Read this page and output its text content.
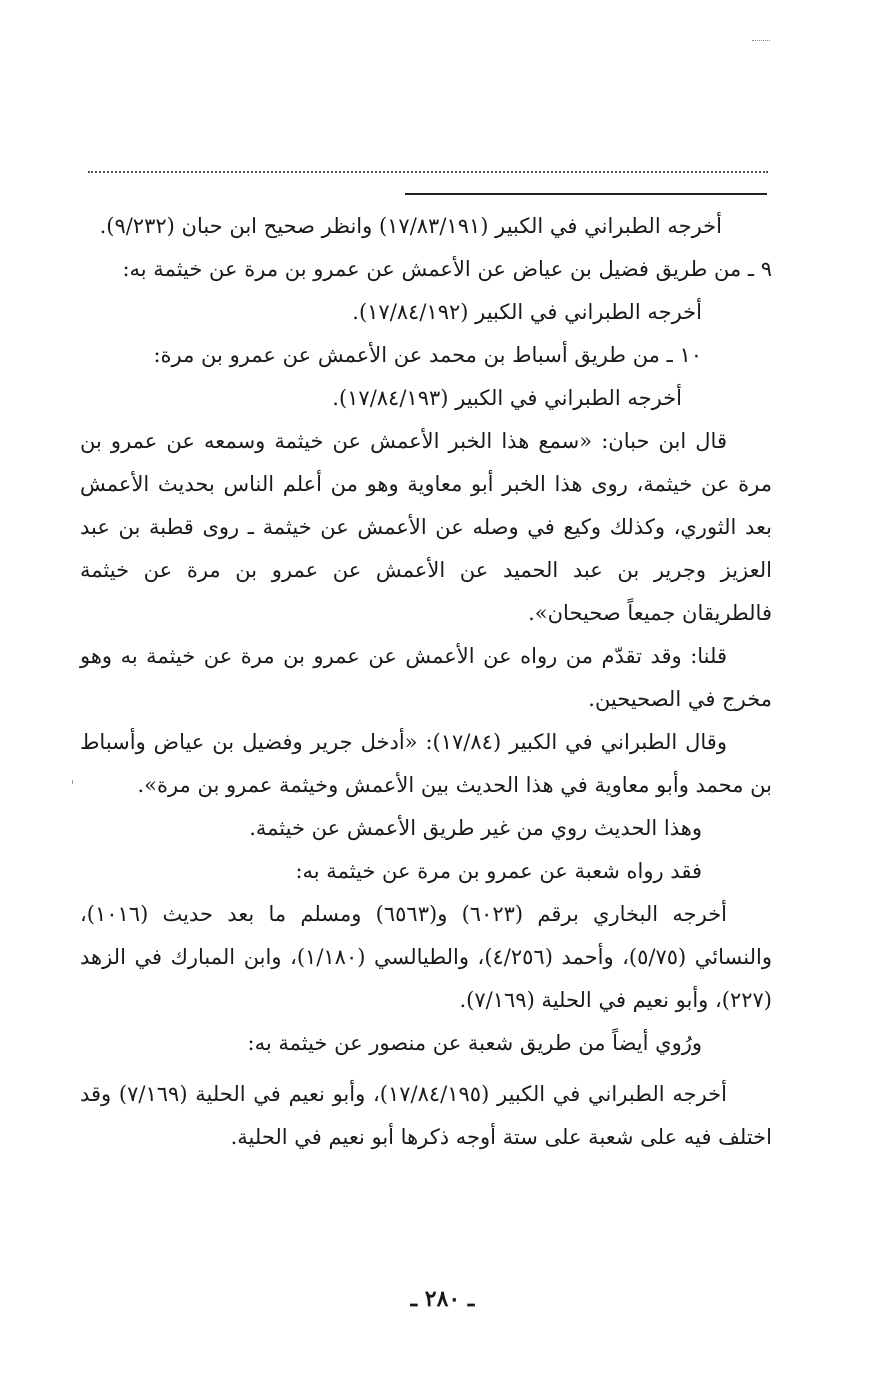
أخرجه الطبراني في الكبير (١٧/٨٣/١٩١) وانظر صحيح ابن حبان (٩/٢٣٢).

٩ ـ من طريق فضيل بن عياض عن الأعمش عن عمرو بن مرة عن خيثمة به:

أخرجه الطبراني في الكبير (١٧/٨٤/١٩٢).

١٠ ـ من طريق أسباط بن محمد عن الأعمش عن عمرو بن مرة:

أخرجه الطبراني في الكبير (١٧/٨٤/١٩٣).

قال ابن حبان: «سمع هذا الخبر الأعمش عن خيثمة وسمعه عن عمرو بن مرة عن خيثمة، روى هذا الخبر أبو معاوية وهو من أعلم الناس بحديث الأعمش بعد الثوري، وكذلك وكيع في وصله عن الأعمش عن خيثمة ـ روى قطبة بن عبد العزيز وجرير بن عبد الحميد عن الأعمش عن عمرو بن مرة عن خيثمة فالطريقان جميعاً صحيحان».

قلنا: وقد تقدّم من رواه عن الأعمش عن عمرو بن مرة عن خيثمة به وهو مخرج في الصحيحين.

وقال الطبراني في الكبير (١٧/٨٤): «أدخل جرير وفضيل بن عياض وأسباط بن محمد وأبو معاوية في هذا الحديث بين الأعمش وخيثمة عمرو بن مرة».

وهذا الحديث روي من غير طريق الأعمش عن خيثمة.

فقد رواه شعبة عن عمرو بن مرة عن خيثمة به:

أخرجه البخاري برقم (٦٠٢٣) و(٦٥٦٣) ومسلم ما بعد حديث (١٠١٦)، والنسائي (٥/٧٥)، وأحمد (٤/٢٥٦)، والطيالسي (١/١٨٠)، وابن المبارك في الزهد (٢٢٧)، وأبو نعيم في الحلية (٧/١٦٩).

ورُوي أيضاً من طريق شعبة عن منصور عن خيثمة به:

أخرجه الطبراني في الكبير (١٧/٨٤/١٩٥)، وأبو نعيم في الحلية (٧/١٦٩) وقد اختلف فيه على شعبة على ستة أوجه ذكرها أبو نعيم في الحلية.

ـ ٢٨٠ ـ
